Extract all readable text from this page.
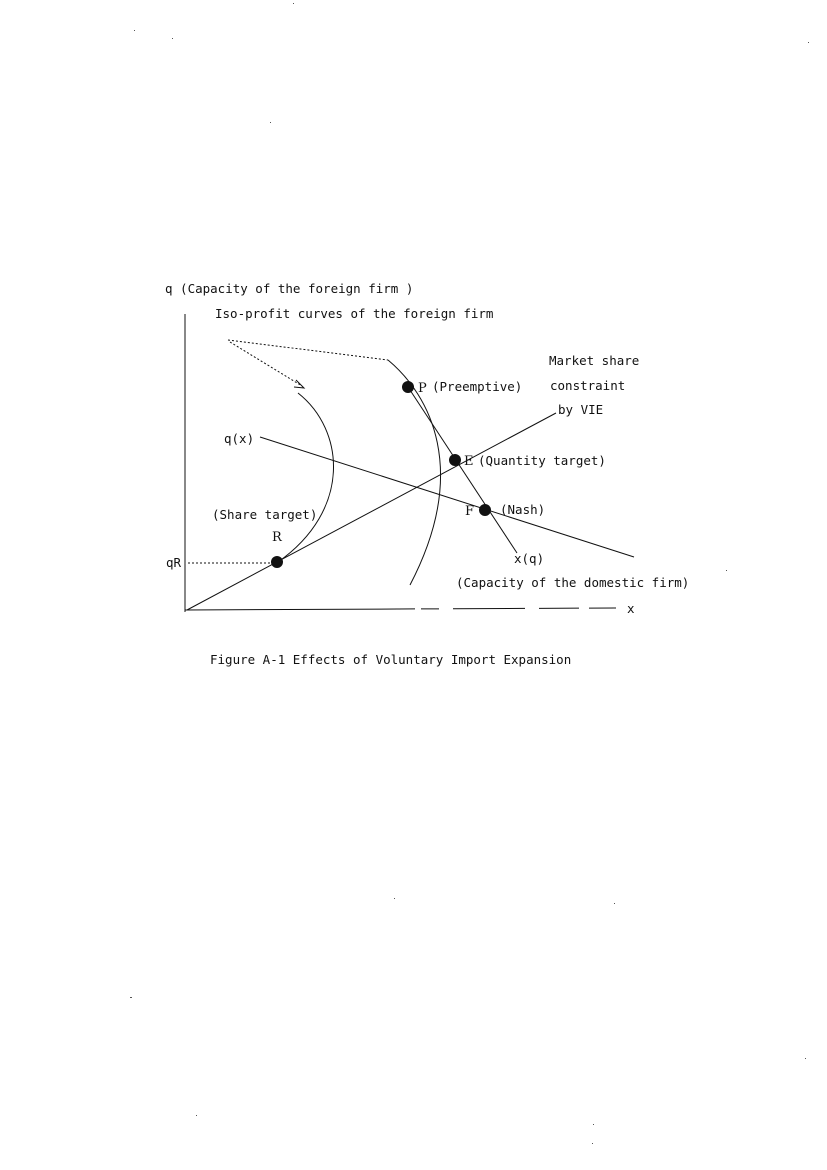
q (Capacity of the foreign firm )
(Capacity of the domestic firm)
x
qR
Iso-profit curves of the foreign firm
Market share
constraint
by VIE
q(x)
x(q)
P (Preemptive)
E (Quantity target)
F (Nash)
R
(Share target)
Figure A-1 Effects of Voluntary Import Expansion
